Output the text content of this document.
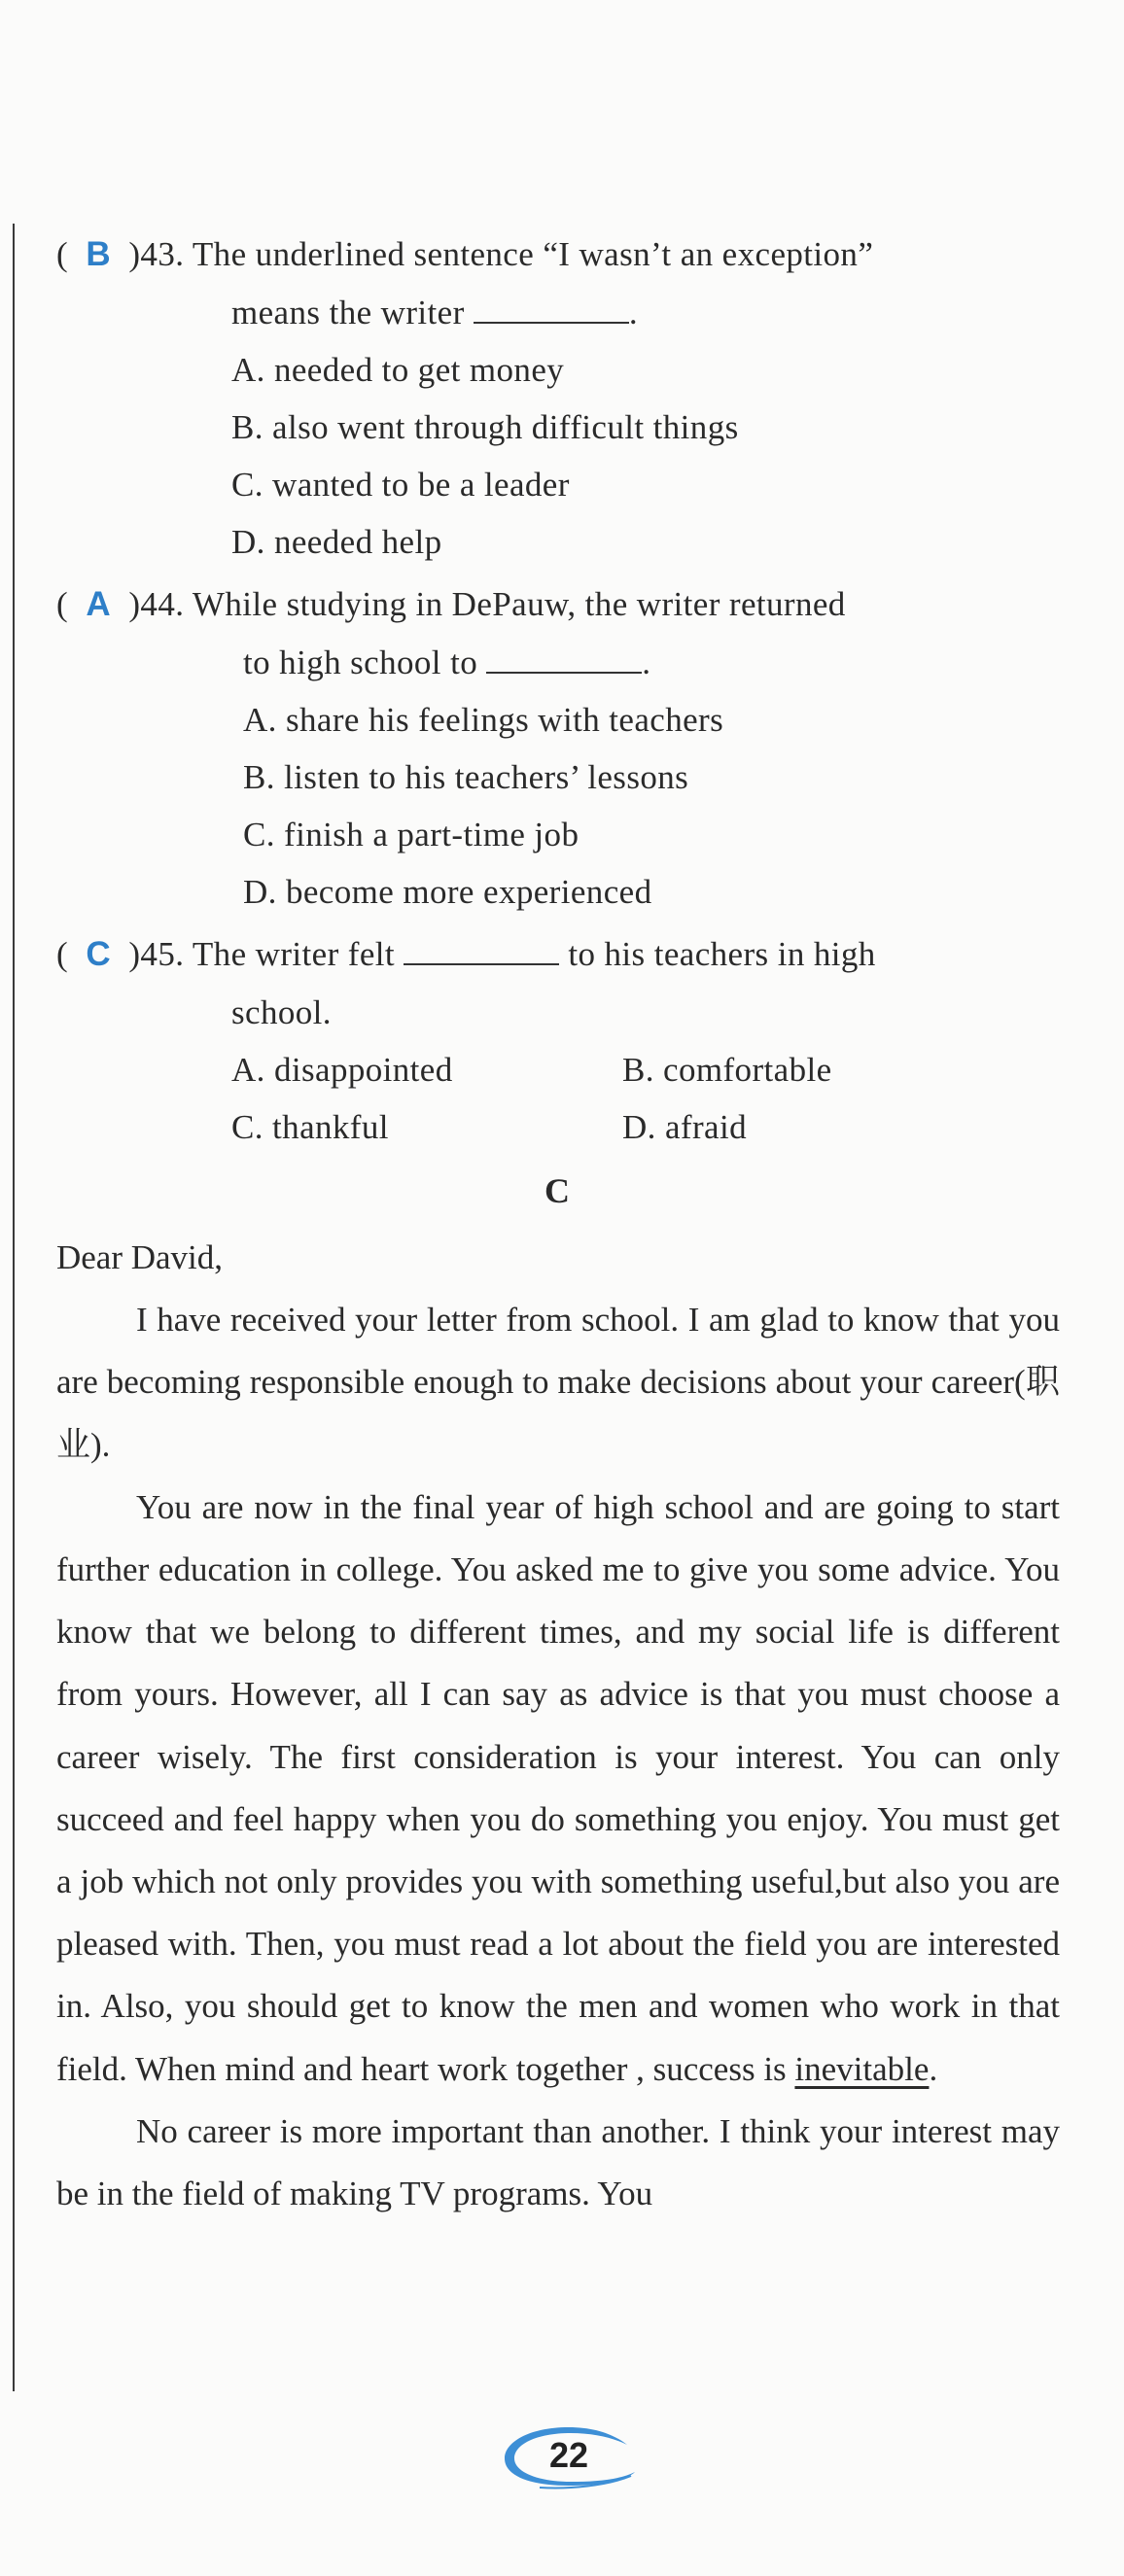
(  B )43. The underlined sentence “I wasn’t an exception”
means the writer	.
A. needed to get money
B. also went through difficult things
C. wanted to be a leader
D. needed help
(  A )44. While studying in DePauw, the writer returned
to high school to	.
A. share his feelings with teachers
B. listen to his teachers’ lessons
C. finish a part-time job
D. become more experienced
(  C )45. The writer felt	to his teachers in high
school.
A. disappointed	B. comfortable
C. thankful	D. afraid
C

Dear David,

I have received your letter from school. I am glad to know that you are becoming responsible enough to make decisions about your career(职业).

You are now in the final year of high school and are going to start further education in college. You asked me to give you some advice. You know that we belong to different times, and my social life is different from yours. However, all I can say as advice is that you must choose a career wisely. The first consideration is your interest. You can only succeed and feel happy when you do something you enjoy. You must get a job which not only provides you with something useful,but also you are pleased with. Then, you must read a lot about the field you are interested in. Also, you should get to know the men and women who work in that field. When mind and heart work together , success is inevitable.

No career is more important than another. I think your interest may be in the field of making TV programs. You

22
